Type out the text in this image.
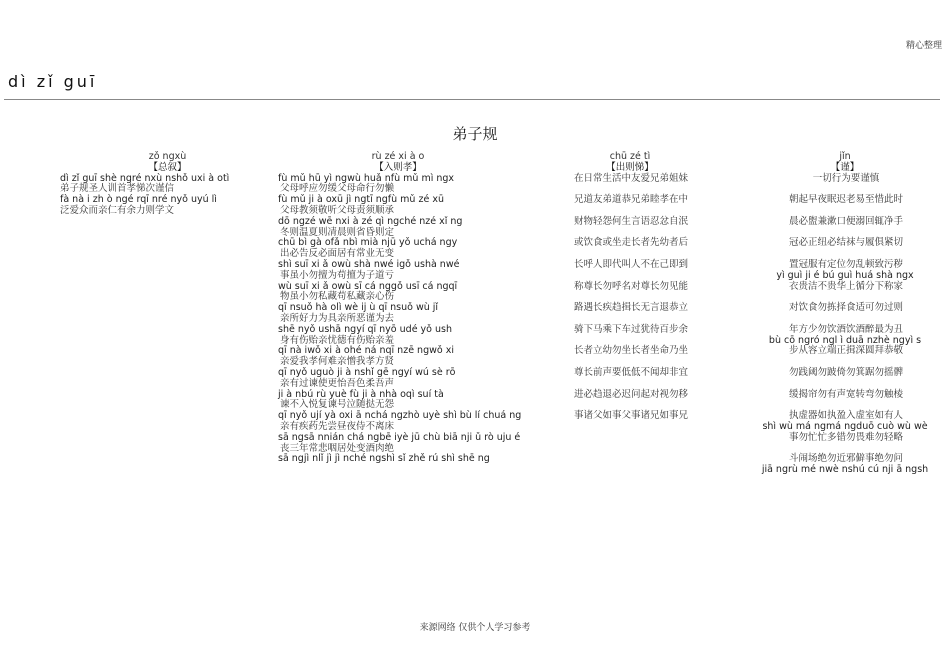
精心整理
dì zǐ guī
弟子规
zǒ ngxù
【总叙】
dì zǐ guī shè ngré nxù nshǒ uxi à otì
弟子规圣人训首孝悌次谨信
fà nà i zh ò ngé rqī nré nyǒ uyú lì
泛爱众而亲仁有余力则学文
rù zé xi à o
【入则孝】
fù mǔ hū yì ngwù huǎ nfù mǔ mì ngx
父母呼应勿缓父母命行勿懒
fù mǔ ji à oxū jì ngtī ngfù mǔ zé xū
父母教须敬听父母责须顺承
dō ngzé wē nxi à zé qì ngché nzé xǐ ng
冬则温夏则凊晨则省昏则定
chū bì gà ofǎ nbì mià njū yǒ uchá ngy
出必告反必面居有常业无变
shì suī xi ǎ owù shà nwé igǒ ushà nwé
事虽小勿擅为苟擅为子道亏
wù suī xi ǎ owù sī cá nggǒ usī cá ngqī
物虽小勿私藏苟私藏亲心伤
qī nsuǒ hà olì wè ij ù qī nsuǒ wù jǐ
亲所好力为具亲所恶谨为去
shē nyǒ ushā ngyí qī nyō udé yǒ ush
身有伤贻亲忧德有伤贻亲羞
qī nà iwǒ xi à ohé ná nqī nzē ngwǒ xi
亲爱我孝何难亲憎我孝方贤
qī nyǒ uguò ji à nshǐ gē ngyí wú sè rō
亲有过谏使更怡吾色柔吾声
ji à nbú rù yuè fù ji à nhà oqì suí tà
谏不入悦复谏号泣随挞无怨
qī nyǒ ují yà oxi ā nchá ngzhò uyè shì bù lí chuá ng
亲有疾药先尝昼夜侍不离床
sā ngsā nnián chá ngbē iyè jū chù biā nji ǔ rò uju é
丧三年常悲咽居处变酒肉绝
sā ngjì nlǐ jì jì nché ngshì sǐ zhě rú shì shē ng
chū zé tì
【出则悌】
在日常生活中友爱兄弟姐妹
兄道友弟道恭兄弟睦孝在中
财物轻怨何生言语忍忿自泯
或饮食或坐走长者先幼者后
长呼人即代叫人不在己即到
称尊长勿呼名对尊长勿见能
路遇长疾趋揖长无言退恭立
骑下马乘下车过犹待百步余
长者立幼勿坐长者坐命乃坐
尊长前声要低低不闻却非宜
进必趋退必迟问起对视勿移
事诸父如事父事诸兄如事兄
jǐn
【谨】
一切行为要谨慎
朝起早夜眠迟老易至惜此时
晨必盥兼漱口便溺回辄净手
冠必正纽必结袜与履俱紧切
置冠服有定位勿乱顿致污秽
yì guì ji é bú guì huá shà ngx
衣贵洁不贵华上循分下称家
对饮食勿拣择食适可勿过则
年方少勿饮酒饮酒醉最为丑
bù cō ngró ngl ì duā nzhè ngyì s
步从容立端正揖深圆拜恭敬
勿践阈勿跛倚勿箕踞勿摇髀
缓揭帘勿有声宽转弯勿触棱
执虚器如执盈入虚室如有人
shì wù má ngmá ngduō cuò wù wè
事勿忙忙多错勿畏难勿轻略
斗闹场绝勿近邪僻事绝勿问
jiā ngrù mé nwè nshú cú nji ā ngsh
来源网络 仅供个人学习参考
